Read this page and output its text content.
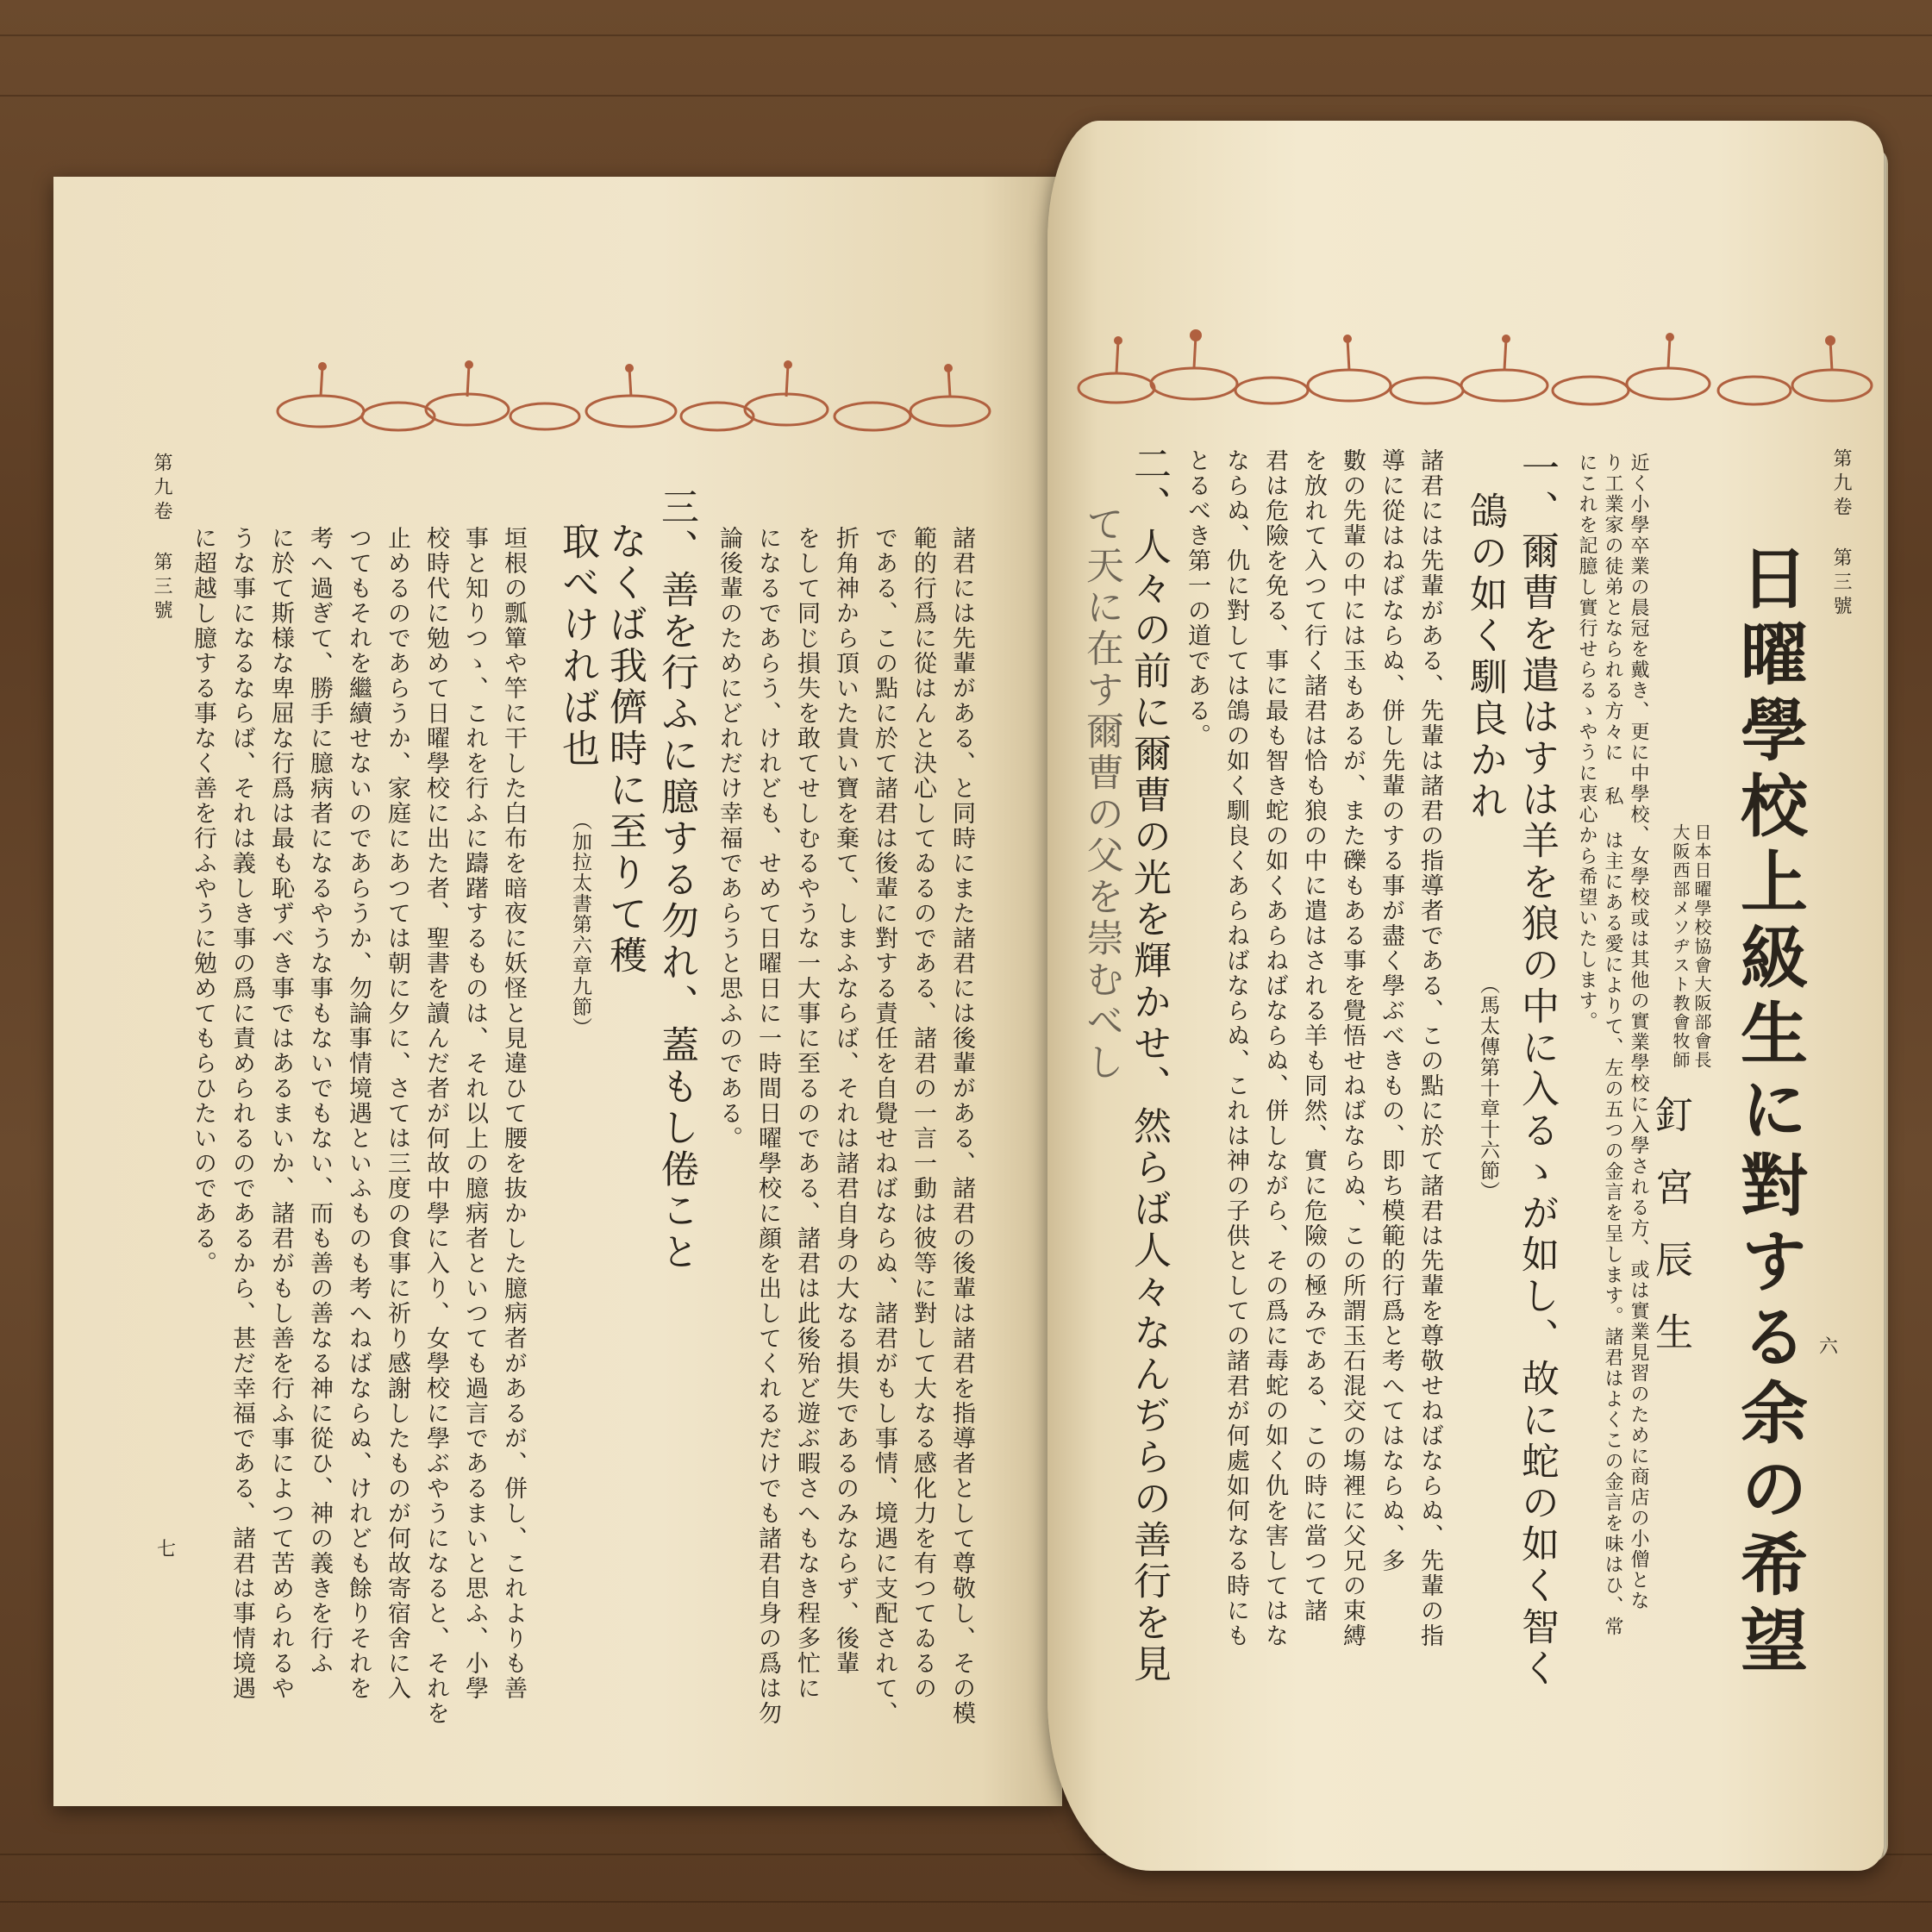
第九卷 第三號
七	諸君には先輩がある、と同時にまた諸君には後輩がある、諸君の後輩は諸君を指導者として尊敬し、その模
範的行爲に從はんと決心してゐるのである、諸君の一言一動は彼等に對して大なる感化力を有つてゐるの
である、この點に於て諸君は後輩に對する責任を自覺せねばならぬ、諸君がもし事情、境遇に支配されて、
折角神から頂いた貴い寶を棄て、しまふならば、それは諸君自身の大なる損失であるのみならず、後輩
をして同じ損失を敢てせしむるやうな一大事に至るのである、諸君は此後殆ど遊ぶ暇さへもなき程多忙に
になるであらう、けれども、せめて日曜日に一時間日曜學校に顔を出してくれるだけでも諸君自身の爲は勿
論後輩のためにどれだけ幸福であらうと思ふのである。
三、善を行ふに臆する勿れ、蓋もし倦こと
なくば我儕時に至りて穫
取べければ也
垣根の瓢簞や竿に干した白布を暗夜に妖怪と見違ひて腰を抜かした臆病者があるが、併し、これよりも善
事と知りつゝ、これを行ふに躊躇するものは、それ以上の臆病者といつても過言であるまいと思ふ、小學
校時代に勉めて日曜學校に出た者、聖書を讀んだ者が何故中學に入り、女學校に學ぶやうになると、それを
止めるのであらうか、家庭にあつては朝に夕に、さては三度の食事に祈り感謝したものが何故寄宿舍に入
つてもそれを繼續せないのであらうか、勿論事情境遇といふものも考へねばならぬ、けれども餘りそれを
考へ過ぎて、勝手に臆病者になるやうな事もないでもない、而も善の善なる神に從ひ、神の義きを行ふ
に於て斯様な卑屈な行爲は最も恥ずべき事ではあるまいか、諸君がもし善を行ふ事によつて苦められるや
うな事になるならば、それは義しき事の爲に責められるのであるから、甚だ幸福である、諸君は事情境遇
に超越し臆する事なく善を行ふやうに勉めてもらひたいのである。	（加拉太書第六章九節）
第九卷 第三號
六
日曜學校上級生に對する余の希望
日本日曜學校協會大阪部會長
大阪西部メソヂスト教會牧師
釘宮辰生
近く小學卒業の晨冠を戴き、更に中學校、女學校或は其他の實業學校に入學される方、或は實業見習のために商店の小僧とな
り工業家の徒弟となられる方々に 私 は主にある愛によりて、左の五つの金言を呈します。諸君はよくこの金言を味はひ、常
にこれを記臆し實行せらるゝやうに衷心から希望いたします。
一、爾曹を遣はすは羊を狼の中に入るゝが如し、故に蛇の如く智く
鴿の如く馴良かれ
（馬太傳第十章十六節）
諸君には先輩がある、先輩は諸君の指導者である、この點に於て諸君は先輩を尊敬せねばならぬ、先輩の指
導に從はねばならぬ、併し先輩のする事が盡く學ぶべきもの、即ち模範的行爲と考へてはならぬ、多
數の先輩の中には玉もあるが、また礫もある事を覺悟せねばならぬ、この所謂玉石混交の塲裡に父兄の束縛
を放れて入つて行く諸君は恰も狼の中に遣はされる羊も同然、實に危險の極みである、この時に當つて諸
君は危險を免る、事に最も智き蛇の如くあらねばならぬ、併しながら、その爲に毒蛇の如く仇を害してはな
ならぬ、仇に對しては鴿の如く馴良くあらねばならぬ、これは神の子供としての諸君が何處如何なる時にも
とるべき第一の道である。
二、人々の前に爾曹の光を輝かせ、然らば人々なんぢらの善行を見
て天に在す爾曹の父を崇むべし
